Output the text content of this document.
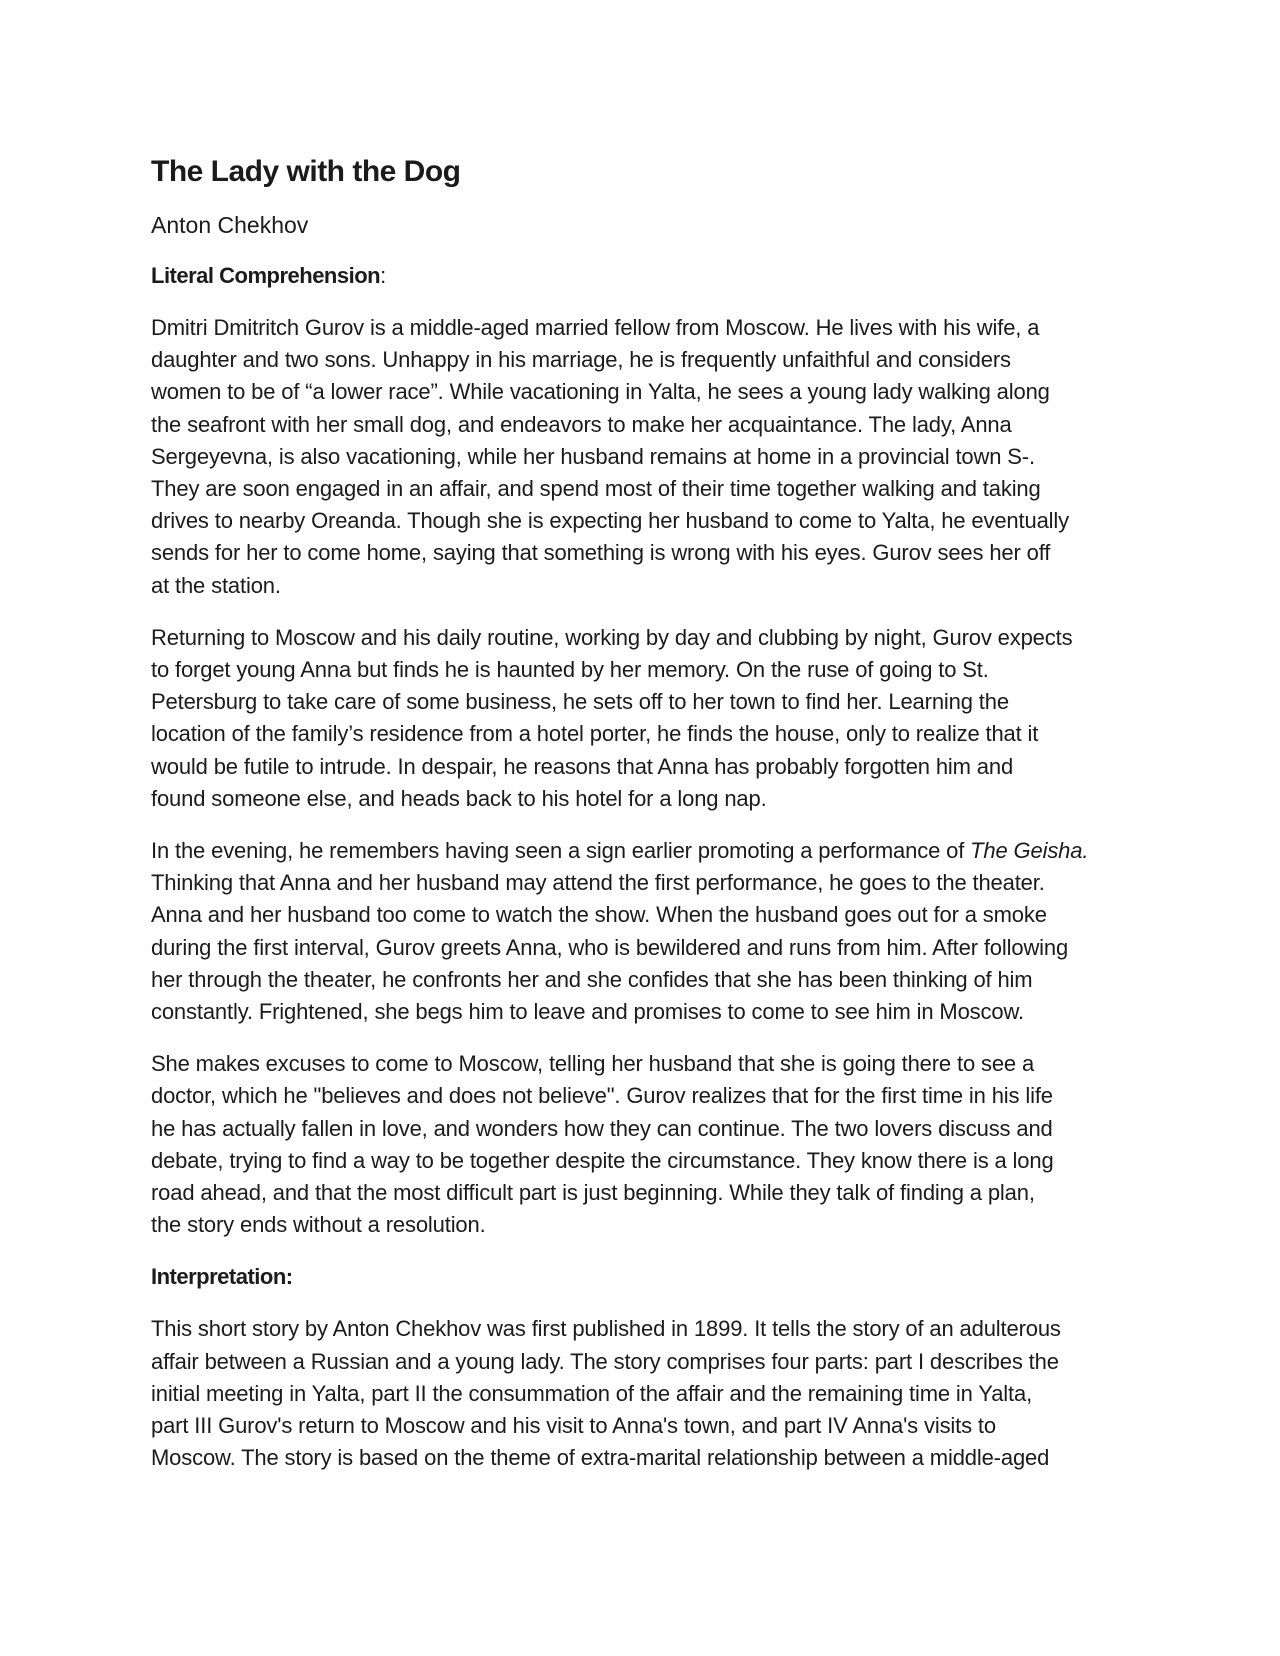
The Lady with the Dog
Anton Chekhov
Literal Comprehension:
Dmitri Dmitritch Gurov is a middle-aged married fellow from Moscow. He lives with his wife, a
daughter and two sons. Unhappy in his marriage, he is frequently unfaithful and considers
women to be of “a lower race”. While vacationing in Yalta, he sees a young lady walking along
the seafront with her small dog, and endeavors to make her acquaintance. The lady, Anna
Sergeyevna, is also vacationing, while her husband remains at home in a provincial town S-.
They are soon engaged in an affair, and spend most of their time together walking and taking
drives to nearby Oreanda. Though she is expecting her husband to come to Yalta, he eventually
sends for her to come home, saying that something is wrong with his eyes. Gurov sees her off
at the station.
Returning to Moscow and his daily routine, working by day and clubbing by night, Gurov expects
to forget young Anna but finds he is haunted by her memory. On the ruse of going to St.
Petersburg to take care of some business, he sets off to her town to find her. Learning the
location of the family’s residence from a hotel porter, he finds the house, only to realize that it
would be futile to intrude. In despair, he reasons that Anna has probably forgotten him and
found someone else, and heads back to his hotel for a long nap.
In the evening, he remembers having seen a sign earlier promoting a performance of The Geisha.
Thinking that Anna and her husband may attend the first performance, he goes to the theater.
Anna and her husband too come to watch the show. When the husband goes out for a smoke
during the first interval, Gurov greets Anna, who is bewildered and runs from him. After following
her through the theater, he confronts her and she confides that she has been thinking of him
constantly. Frightened, she begs him to leave and promises to come to see him in Moscow.
She makes excuses to come to Moscow, telling her husband that she is going there to see a
doctor, which he "believes and does not believe". Gurov realizes that for the first time in his life
he has actually fallen in love, and wonders how they can continue. The two lovers discuss and
debate, trying to find a way to be together despite the circumstance. They know there is a long
road ahead, and that the most difficult part is just beginning. While they talk of finding a plan,
the story ends without a resolution.
Interpretation:
This short story by Anton Chekhov was first published in 1899. It tells the story of an adulterous
affair between a Russian and a young lady. The story comprises four parts: part I describes the
initial meeting in Yalta, part II the consummation of the affair and the remaining time in Yalta,
part III Gurov's return to Moscow and his visit to Anna's town, and part IV Anna's visits to
Moscow. The story is based on the theme of extra-marital relationship between a middle-aged
